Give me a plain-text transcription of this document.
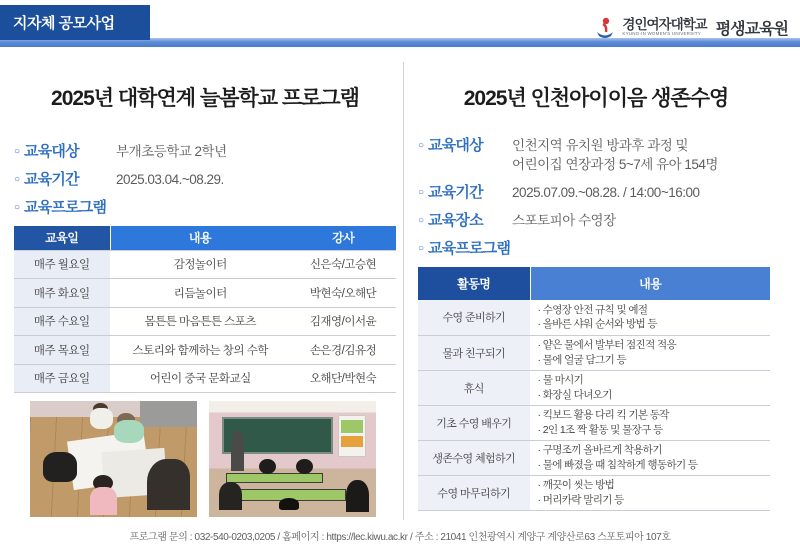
지자체 공모사업	경인여자대학교
KYUNG-IN WOMEN'S UNIVERSITY 평생교육원
2025년 대학연계 늘봄학교 프로그램
○ 교육대상	부개초등학교 2학년
○ 교육기간	2025.03.04.~08.29.
○ 교육프로그램
교육일	내용	강사
매주 월요일	감정놀이터	신은숙/고승현
매주 화요일	리듬놀이터	박현숙/오해단
매주 수요일	몸튼튼 마음튼튼 스포츠	김재영/이서윤
매주 목요일	스토리와 함께하는 창의 수학	손은경/김유정
매주 금요일	어린이 중국 문화교실	오해단/박현숙
2025년 인천아이이음 생존수영
○ 교육대상	인천지역 유치원 방과후 과정 및
어린이집 연장과정 5~7세 유아 154명
○ 교육기간	2025.07.09.~08.28. / 14:00~16:00
○ 교육장소	스포토피아 수영장
○ 교육프로그램
활동명	내용
수영 준비하기	· 수영장 안전 규칙 및 예절
· 올바른 샤워 순서와 방법 등

물과 친구되기	· 얕은 물에서 발부터 점진적 적응
· 물에 얼굴 담그기 등

휴식	· 물 마시기
· 화장실 다녀오기

기초 수영 배우기	· 킥보드 활용 다리 킥 기본 동작
· 2인 1조 짝 활동 및 물장구 등

생존수영 체험하기	· 구명조끼 올바르게 착용하기
· 물에 빠졌을 때 침착하게 행동하기 등

수영 마무리하기	· 깨끗이 씻는 방법
· 머리카락 말리기 등
프로그램 문의 : 032-540-0203,0205 / 홈페이지 : https://lec.kiwu.ac.kr / 주소 : 21041 인천광역시 계양구 계양산로63 스포토피아 107호
